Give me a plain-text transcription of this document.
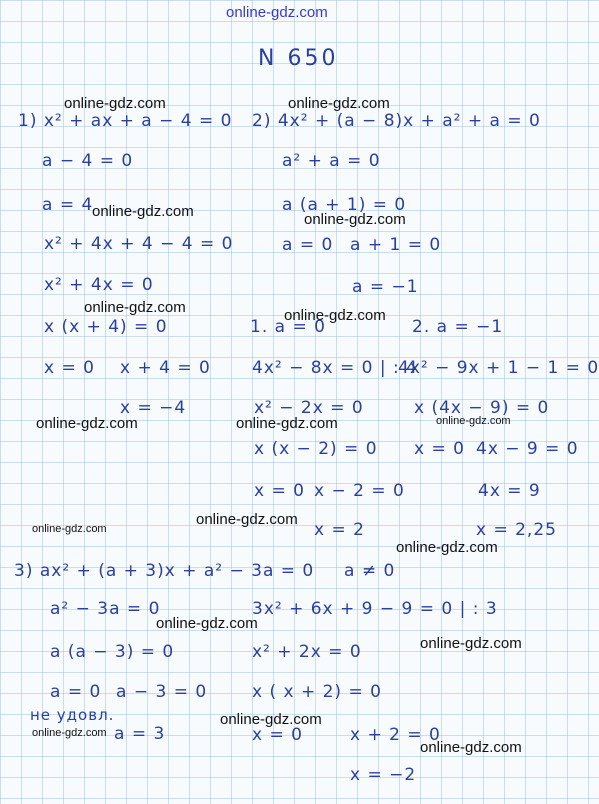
online-gdz.com
online-gdz.com	online-gdz.com
online-gdz.com	online-gdz.com
online-gdz.com	online-gdz.com
online-gdz.com	online-gdz.com	online-gdz.com
online-gdz.com
online-gdz.com
online-gdz.com
online-gdz.com
online-gdz.com
online-gdz.com
online-gdz.com
online-gdz.com
N 650
1) x² + ax + a − 4 = 0
a − 4 = 0
a = 4
x² + 4x + 4 − 4 = 0
x² + 4x = 0
x (x + 4) = 0
x = 0 x + 4 = 0
x = −4
2) 4x² + (a − 8)x + a² + a = 0
a² + a = 0
a (a + 1) = 0
a = 0 a + 1 = 0
a = −1
1. a = 0
4x² − 8x = 0 | : 4
x² − 2x = 0
x (x − 2) = 0
x = 0 x − 2 = 0
x = 2
2. a = −1
4x² − 9x + 1 − 1 = 0
x (4x − 9) = 0
x = 0 4x − 9 = 0
4x = 9
x = 2,25
3) ax² + (a + 3)x + a² − 3a = 0 a ≠ 0
a² − 3a = 0
a (a − 3) = 0
a = 0 a − 3 = 0
не удовл.
a = 3
3x² + 6x + 9 − 9 = 0 | : 3
x² + 2x = 0
x ( x + 2) = 0
x = 0	x + 2 = 0
x = −2
